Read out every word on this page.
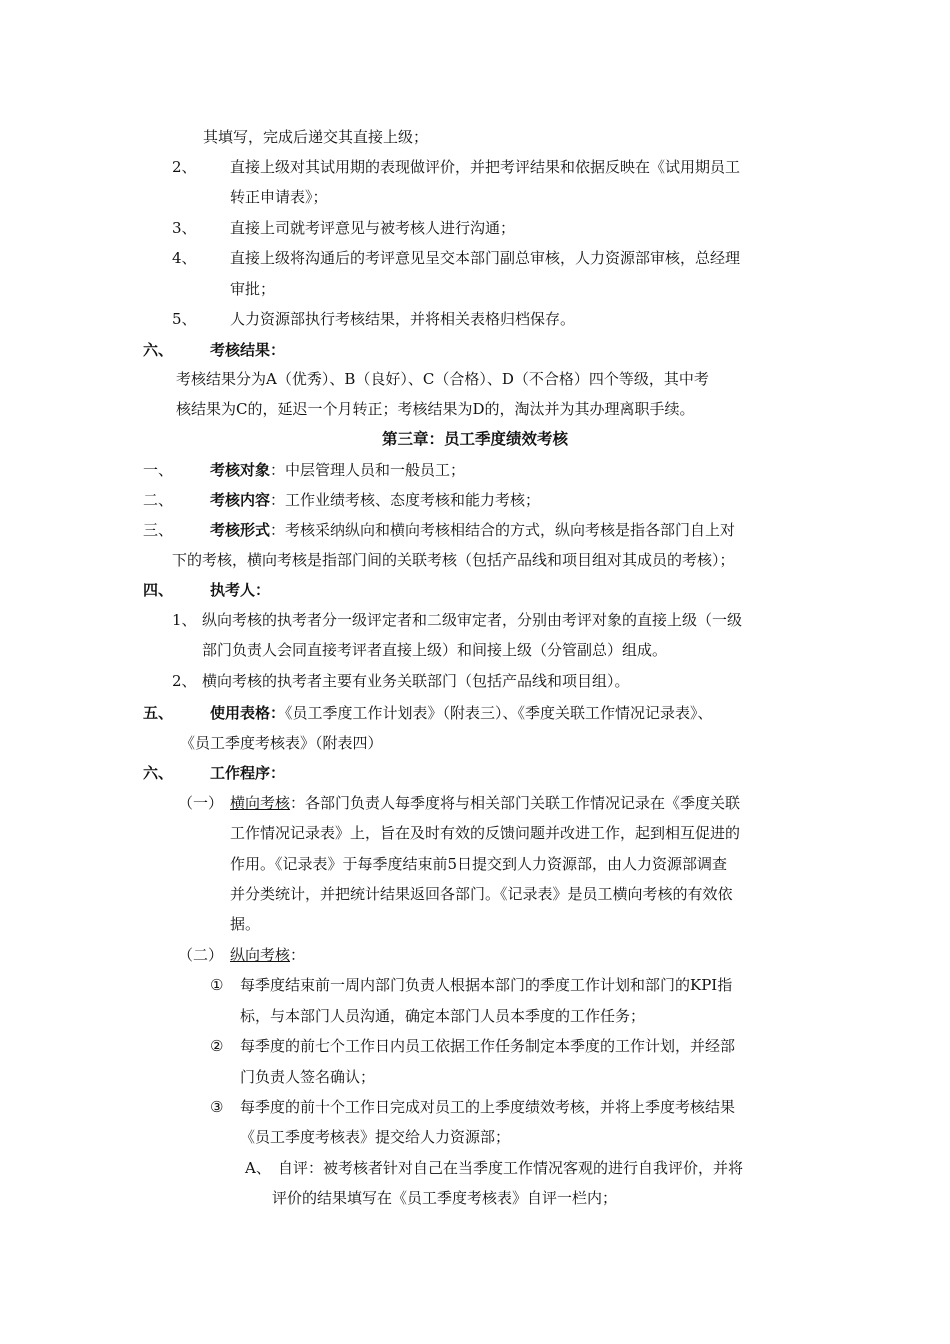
其填写，完成后递交其直接上级；
2、 直接上级对其试用期的表现做评价，并把考评结果和依据反映在《试用期员工
转正申请表》；
3、 直接上司就考评意见与被考核人进行沟通；
4、 直接上级将沟通后的考评意见呈交本部门副总审核，人力资源部审核，总经理
审批；
5、 人力资源部执行考核结果，并将相关表格归档保存。
六、 考核结果：
考核结果分为A（优秀）、B（良好）、C（合格）、D（不合格）四个等级，其中考
核结果为C的，延迟一个月转正；考核结果为D的，淘汰并为其办理离职手续。
第三章：员工季度绩效考核
一、 考核对象：中层管理人员和一般员工；
二、 考核内容：工作业绩考核、态度考核和能力考核；
三、 考核形式：考核采纳纵向和横向考核相结合的方式，纵向考核是指各部门自上对
下的考核，横向考核是指部门间的关联考核（包括产品线和项目组对其成员的考核）；
四、 执考人：
1、 纵向考核的执考者分一级评定者和二级审定者，分别由考评对象的直接上级（一级
部门负责人会同直接考评者直接上级）和间接上级（分管副总）组成。
2、 横向考核的执考者主要有业务关联部门（包括产品线和项目组）。
五、 使用表格：《员工季度工作计划表》（附表三）、《季度关联工作情况记录表》、
《员工季度考核表》（附表四）
六、 工作程序：
（一） 横向考核：各部门负责人每季度将与相关部门关联工作情况记录在《季度关联
工作情况记录表》上，旨在及时有效的反馈问题并改进工作，起到相互促进的
作用。《记录表》于每季度结束前5日提交到人力资源部，由人力资源部调查
并分类统计，并把统计结果返回各部门。《记录表》是员工横向考核的有效依
据。
（二） 纵向考核：
① 每季度结束前一周内部门负责人根据本部门的季度工作计划和部门的KPI指
标，与本部门人员沟通，确定本部门人员本季度的工作任务；
② 每季度的前七个工作日内员工依据工作任务制定本季度的工作计划，并经部
门负责人签名确认；
③ 每季度的前十个工作日完成对员工的上季度绩效考核，并将上季度考核结果
《员工季度考核表》提交给人力资源部；
A、 自评：被考核者针对自己在当季度工作情况客观的进行自我评价，并将
评价的结果填写在《员工季度考核表》自评一栏内；
